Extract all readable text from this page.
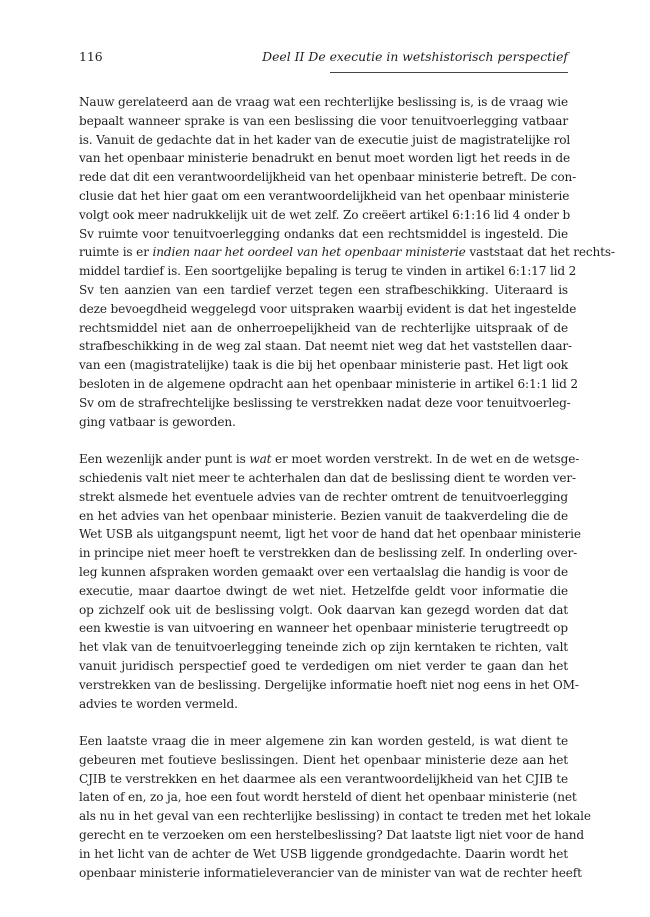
116	Deel II De executie in wetshistorisch perspectief
Nauw gerelateerd aan de vraag wat een rechterlijke beslissing is, is de vraag wie
bepaalt wanneer sprake is van een beslissing die voor tenuitvoerlegging vatbaar
is. Vanuit de gedachte dat in het kader van de executie juist de magistratelijke rol
van het openbaar ministerie benadrukt en benut moet worden ligt het reeds in de
rede dat dit een verantwoordelijkheid van het openbaar ministerie betreft. De con-
clusie dat het hier gaat om een verantwoordelijkheid van het openbaar ministerie
volgt ook meer nadrukkelijk uit de wet zelf. Zo creëert artikel 6:1:16 lid 4 onder b
Sv ruimte voor tenuitvoerlegging ondanks dat een rechtsmiddel is ingesteld. Die
ruimte is er indien naar het oordeel van het openbaar ministerie vaststaat dat het rechts-
middel tardief is. Een soortgelijke bepaling is terug te vinden in artikel 6:1:17 lid 2
Sv ten aanzien van een tardief verzet tegen een strafbeschikking. Uiteraard is
deze bevoegdheid weggelegd voor uitspraken waarbij evident is dat het ingestelde
rechtsmiddel niet aan de onherroepelijkheid van de rechterlijke uitspraak of de
strafbeschikking in de weg zal staan. Dat neemt niet weg dat het vaststellen daar-
van een (magistratelijke) taak is die bij het openbaar ministerie past. Het ligt ook
besloten in de algemene opdracht aan het openbaar ministerie in artikel 6:1:1 lid 2
Sv om de strafrechtelijke beslissing te verstrekken nadat deze voor tenuitvoerleg-
ging vatbaar is geworden.
Een wezenlijk ander punt is wat er moet worden verstrekt. In de wet en de wetsge-
schiedenis valt niet meer te achterhalen dan dat de beslissing dient te worden ver-
strekt alsmede het eventuele advies van de rechter omtrent de tenuitvoerlegging
en het advies van het openbaar ministerie. Bezien vanuit de taakverdeling die de
Wet USB als uitgangspunt neemt, ligt het voor de hand dat het openbaar ministerie
in principe niet meer hoeft te verstrekken dan de beslissing zelf. In onderling over-
leg kunnen afspraken worden gemaakt over een vertaalslag die handig is voor de
executie, maar daartoe dwingt de wet niet. Hetzelfde geldt voor informatie die
op zichzelf ook uit de beslissing volgt. Ook daarvan kan gezegd worden dat dat
een kwestie is van uitvoering en wanneer het openbaar ministerie terugtreedt op
het vlak van de tenuitvoerlegging teneinde zich op zijn kerntaken te richten, valt
vanuit juridisch perspectief goed te verdedigen om niet verder te gaan dan het
verstrekken van de beslissing. Dergelijke informatie hoeft niet nog eens in het OM-
advies te worden vermeld.
Een laatste vraag die in meer algemene zin kan worden gesteld, is wat dient te
gebeuren met foutieve beslissingen. Dient het openbaar ministerie deze aan het
CJIB te verstrekken en het daarmee als een verantwoordelijkheid van het CJIB te
laten of en, zo ja, hoe een fout wordt hersteld of dient het openbaar ministerie (net
als nu in het geval van een rechterlijke beslissing) in contact te treden met het lokale
gerecht en te verzoeken om een herstelbeslissing? Dat laatste ligt niet voor de hand
in het licht van de achter de Wet USB liggende grondgedachte. Daarin wordt het
openbaar ministerie informatieleverancier van de minister van wat de rechter heeft
